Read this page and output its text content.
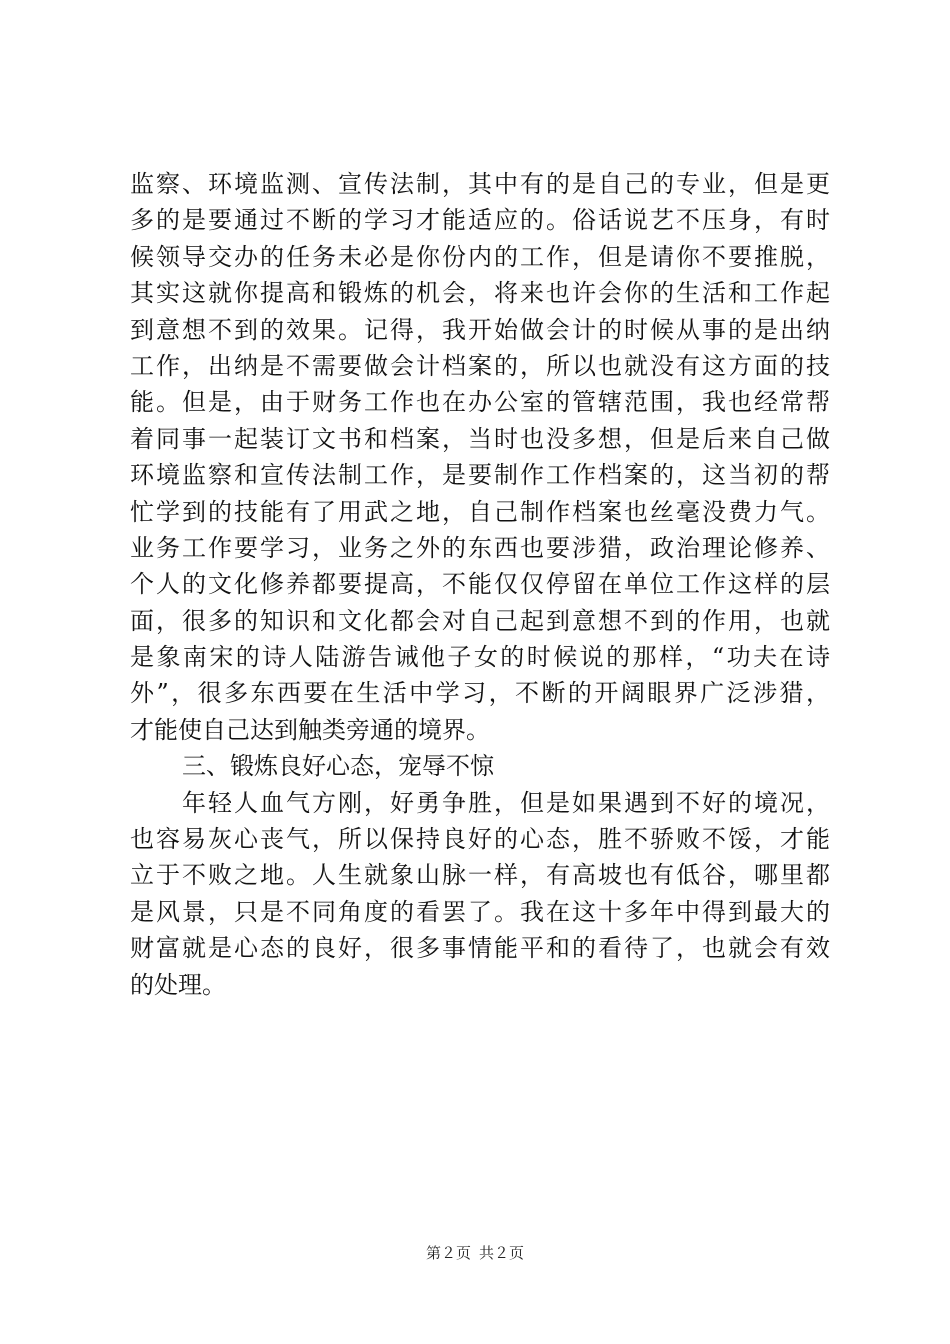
监察、环境监测、宣传法制，其中有的是自己的专业，但是更
多的是要通过不断的学习才能适应的。俗话说艺不压身，有时
候领导交办的任务未必是你份内的工作，但是请你不要推脱，
其实这就你提高和锻炼的机会，将来也许会你的生活和工作起
到意想不到的效果。记得，我开始做会计的时候从事的是出纳
工作，出纳是不需要做会计档案的，所以也就没有这方面的技
能。但是，由于财务工作也在办公室的管辖范围，我也经常帮
着同事一起装订文书和档案，当时也没多想，但是后来自己做
环境监察和宣传法制工作，是要制作工作档案的，这当初的帮
忙学到的技能有了用武之地，自己制作档案也丝毫没费力气。
业务工作要学习，业务之外的东西也要涉猎，政治理论修养、
个人的文化修养都要提高，不能仅仅停留在单位工作这样的层
面，很多的知识和文化都会对自己起到意想不到的作用，也就
是象南宋的诗人陆游告诫他子女的时候说的那样，“功夫在诗
外”，很多东西要在生活中学习，不断的开阔眼界广泛涉猎，
才能使自己达到触类旁通的境界。
三、锻炼良好心态，宠辱不惊
年轻人血气方刚，好勇争胜，但是如果遇到不好的境况，
也容易灰心丧气，所以保持良好的心态，胜不骄败不馁，才能
立于不败之地。人生就象山脉一样，有高坡也有低谷，哪里都
是风景，只是不同角度的看罢了。我在这十多年中得到最大的
财富就是心态的良好，很多事情能平和的看待了，也就会有效
的处理。
第２页 共２页
